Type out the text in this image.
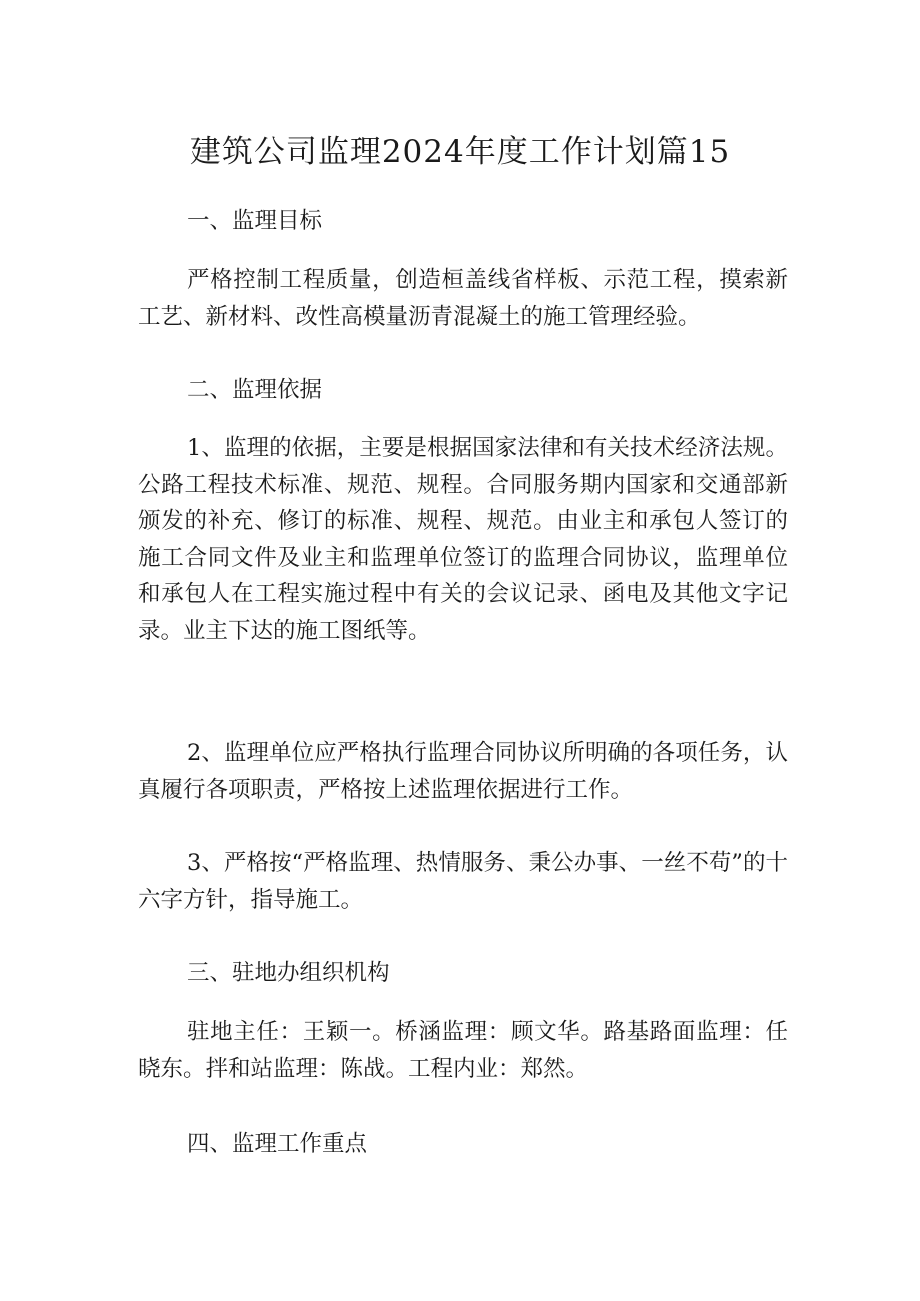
建筑公司监理2024年度工作计划篇15
一、监理目标

严格控制工程质量，创造桓盖线省样板、示范工程，摸索新工艺、新材料、改性高模量沥青混凝土的施工管理经验。

二、监理依据

1、监理的依据，主要是根据国家法律和有关技术经济法规。公路工程技术标准、规范、规程。合同服务期内国家和交通部新颁发的补充、修订的标准、规程、规范。由业主和承包人签订的施工合同文件及业主和监理单位签订的监理合同协议，监理单位和承包人在工程实施过程中有关的会议记录、函电及其他文字记录。业主下达的施工图纸等。

2、监理单位应严格执行监理合同协议所明确的各项任务，认真履行各项职责，严格按上述监理依据进行工作。

3、严格按“严格监理、热情服务、秉公办事、一丝不苟”的十六字方针，指导施工。

三、驻地办组织机构

驻地主任：王颖一。桥涵监理：顾文华。路基路面监理：任晓东。拌和站监理：陈战。工程内业：郑然。

四、监理工作重点
